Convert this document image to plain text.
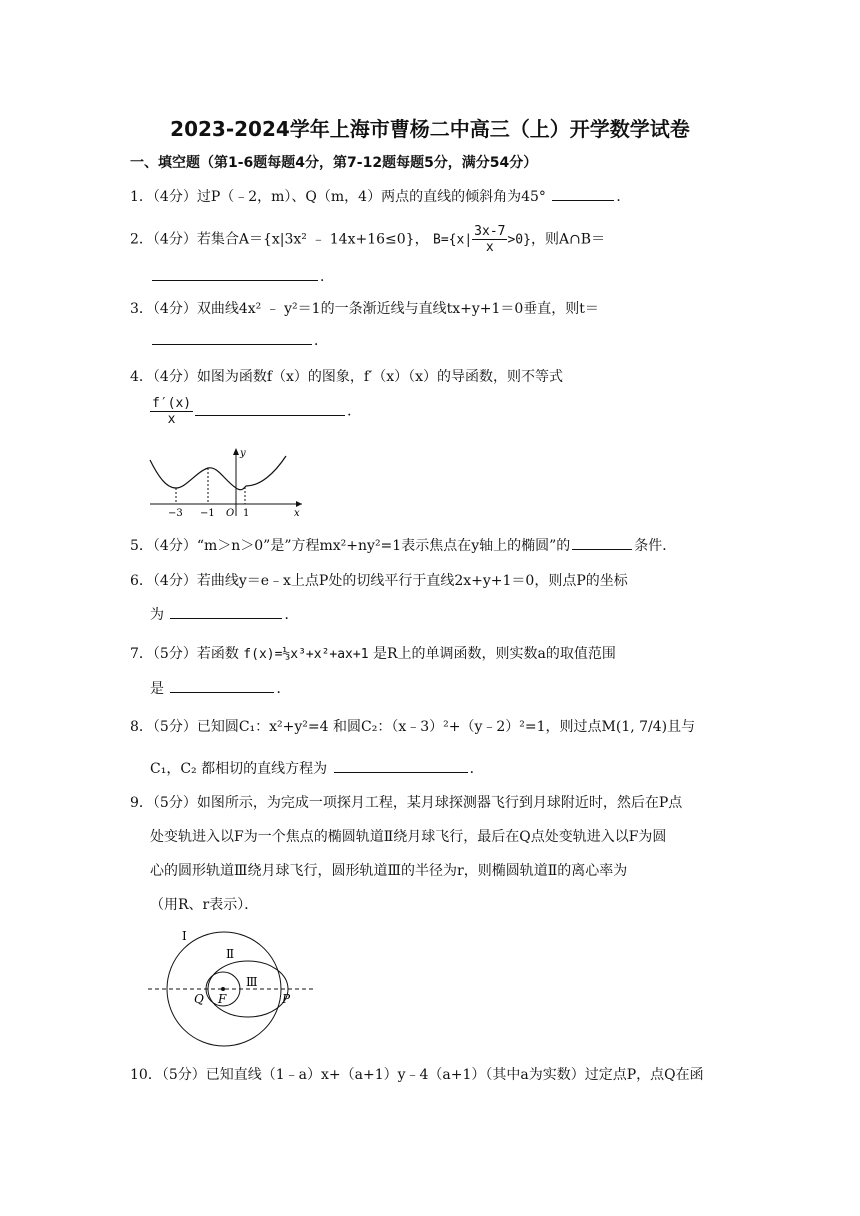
2023-2024学年上海市曹杨二中高三（上）开学数学试卷
一、填空题（第1-6题每题4分，第7-12题每题5分，满分54分）
1．（4分）过P（﹣2，m）、Q（m，4）两点的直线的倾斜角为45°	．
2．（4分）若集合A＝{x|3x² ﹣ 14x+16≤0}， $B=\{x| \frac{3x-7}{x} >0\}$，则A∩B＝
．
3．（4分）双曲线4x² ﹣ y²＝1的一条渐近线与直线tx+y+1＝0垂直，则t＝
．
4．（4分）如图为函数f（x）的图象，f′（x）（x）的导函数，则不等式
$\frac{f'(x)}{x}$	．
y
x
O
−3 −1	1
5．（4分）“m＞n＞0”是”方程mx²+ny²=1表示焦点在y轴上的椭圆”的	条件．
6．（4分）若曲线y＝e﹣x上点P处的切线平行于直线2x+y+1＝0，则点P的坐标
为	．
7．（5分）若函数 f(x)=⅓x³+x²+ax+1 是R上的单调函数，则实数a的取值范围
是	．
8．（5分）已知圆C₁：x²+y²=4 和圆C₂：（x﹣3）²+（y﹣2）²=1，则过点M(1, 7/4)且与
C₁，C₂ 都相切的直线方程为	．
9．（5分）如图所示，为完成一项探月工程，某月球探测器飞行到月球附近时，然后在P点
处变轨进入以F为一个焦点的椭圆轨道Ⅱ绕月球飞行，最后在Q点处变轨进入以F为圆
心的圆形轨道Ⅲ绕月球飞行，圆形轨道Ⅲ的半径为r，则椭圆轨道Ⅱ的离心率为
（用R、r表示）．
Ⅰ
Ⅱ
Ⅲ
Q F	P
10．（5分）已知直线（1﹣a）x+（a+1）y﹣4（a+1）（其中a为实数）过定点P，点Q在函
